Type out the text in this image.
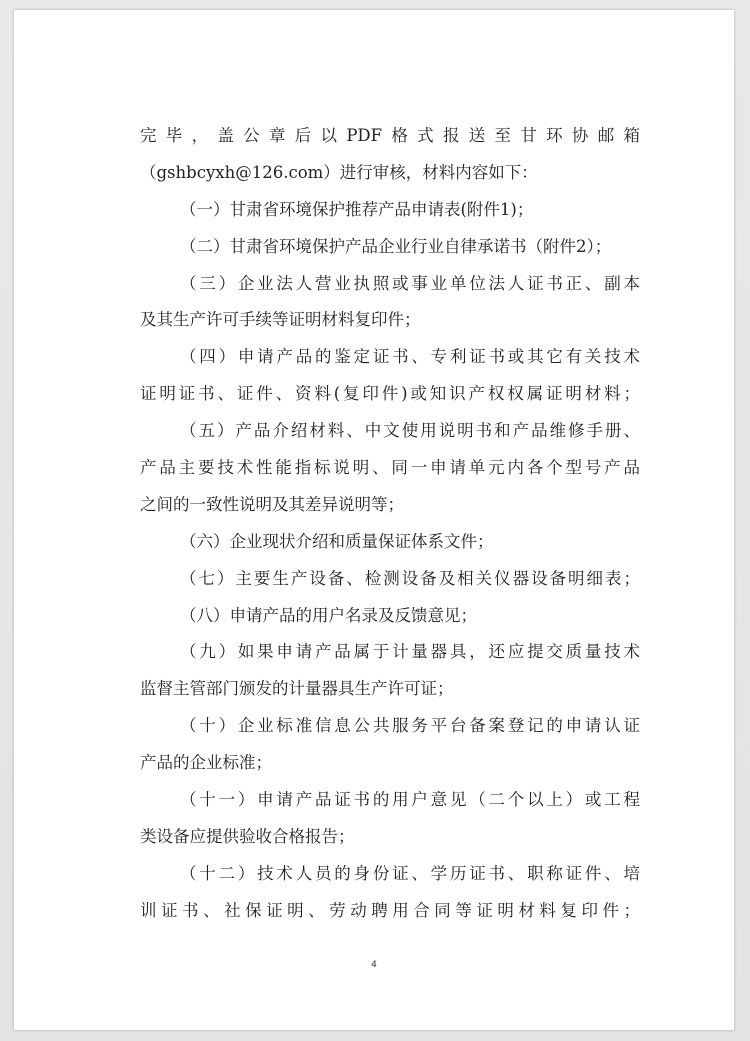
完毕，盖公章后以PDF格式报送至甘环协邮箱
（gshbcyxh@126.com）进行审核，材料内容如下：
（一）甘肃省环境保护推荐产品申请表(附件1)；
（二）甘肃省环境保护产品企业行业自律承诺书（附件2）；
（三）企业法人营业执照或事业单位法人证书正、副本
及其生产许可手续等证明材料复印件；
（四）申请产品的鉴定证书、专利证书或其它有关技术
证明证书、证件、资料(复印件)或知识产权权属证明材料；
（五）产品介绍材料、中文使用说明书和产品维修手册、
产品主要技术性能指标说明、同一申请单元内各个型号产品
之间的一致性说明及其差异说明等；
（六）企业现状介绍和质量保证体系文件；
（七）主要生产设备、检测设备及相关仪器设备明细表；
（八）申请产品的用户名录及反馈意见；
（九）如果申请产品属于计量器具，还应提交质量技术
监督主管部门颁发的计量器具生产许可证；
（十）企业标准信息公共服务平台备案登记的申请认证
产品的企业标准；
（十一）申请产品证书的用户意见（二个以上）或工程
类设备应提供验收合格报告；
（十二）技术人员的身份证、学历证书、职称证件、培
训证书、社保证明、劳动聘用合同等证明材料复印件；
4
